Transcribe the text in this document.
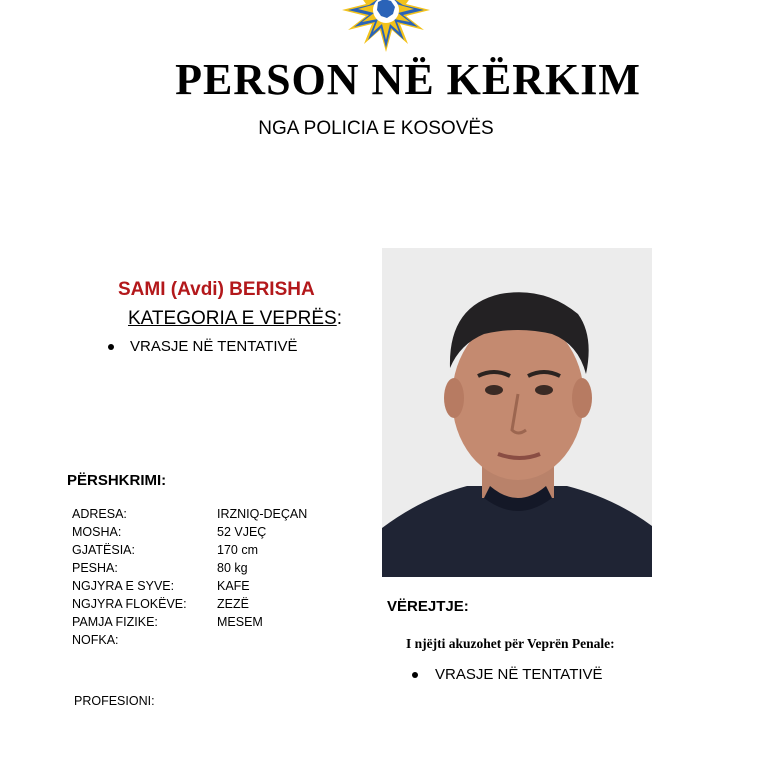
PERSON NË KËRKIM
NGA POLICIA E KOSOVËS
SAMI (Avdi) BERISHA
KATEGORIA E VEPRËS:
VRASJE NË TENTATIVË
PËRSHKRIMI:
ADRESA:	IRZNIQ-DEÇAN
MOSHA:	52 VJEÇ
GJATËSIA:	170 cm
PESHA:	80 kg
NGJYRA E SYVE:	KAFE
NGJYRA FLOKËVE:	ZEZË
PAMJA FIZIKE:	MESEM
NOFKA:	
PROFESIONI:
VËREJTJE:
I njëjti akuzohet për Veprën Penale:
VRASJE NË TENTATIVË
